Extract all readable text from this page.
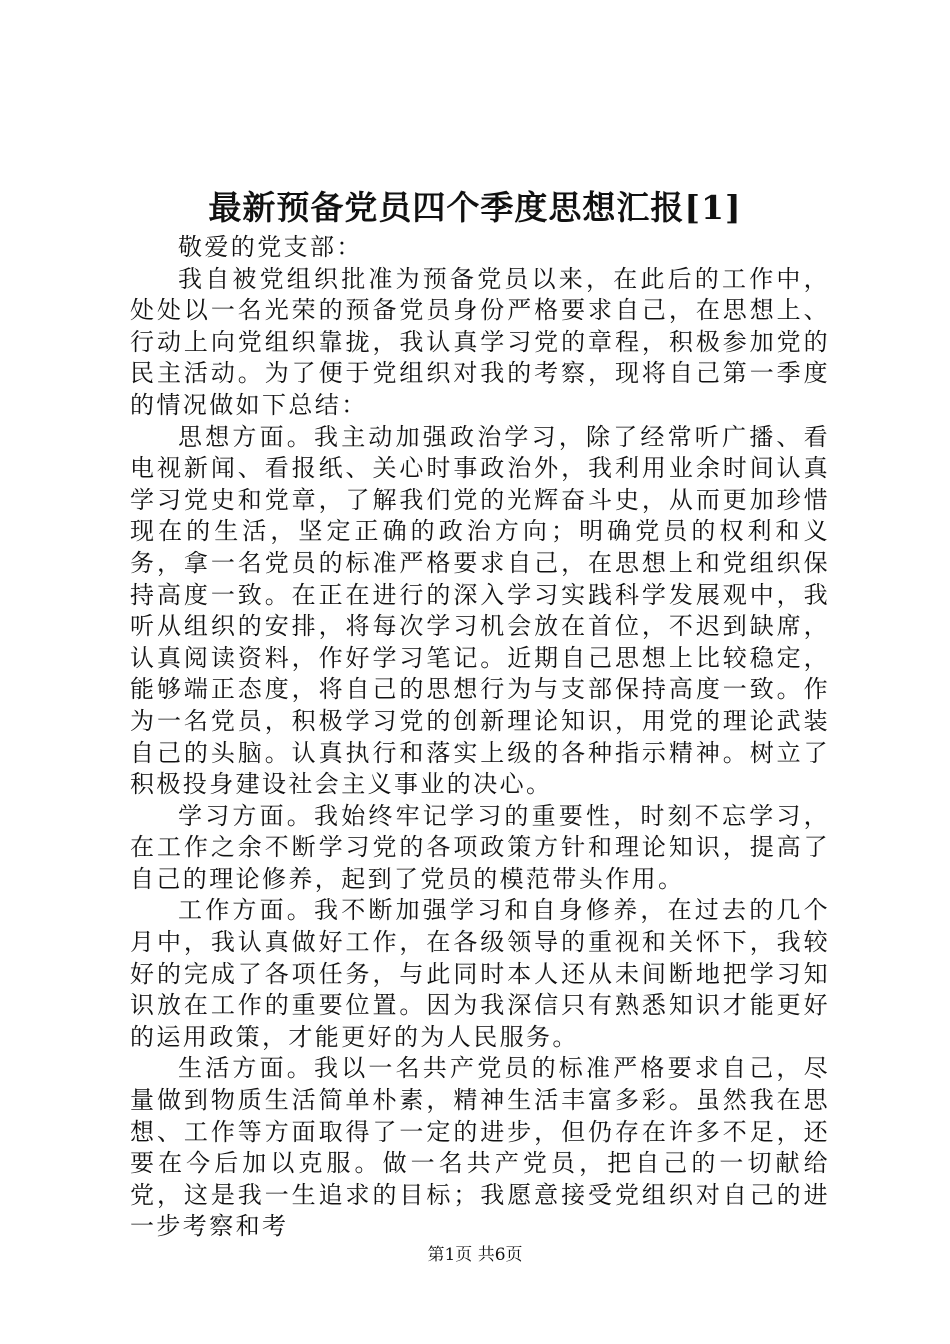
最新预备党员四个季度思想汇报[1]

敬爱的党支部：

我自被党组织批准为预备党员以来，在此后的工作中，处处以一名光荣的预备党员身份严格要求自己，在思想上、行动上向党组织靠拢，我认真学习党的章程，积极参加党的民主活动。为了便于党组织对我的考察，现将自己第一季度的情况做如下总结：

思想方面。我主动加强政治学习，除了经常听广播、看电视新闻、看报纸、关心时事政治外，我利用业余时间认真学习党史和党章，了解我们党的光辉奋斗史，从而更加珍惜现在的生活，坚定正确的政治方向；明确党员的权利和义务，拿一名党员的标准严格要求自己，在思想上和党组织保持高度一致。在正在进行的深入学习实践科学发展观中，我听从组织的安排，将每次学习机会放在首位，不迟到缺席，认真阅读资料，作好学习笔记。近期自己思想上比较稳定，能够端正态度，将自己的思想行为与支部保持高度一致。作为一名党员，积极学习党的创新理论知识，用党的理论武装自己的头脑。认真执行和落实上级的各种指示精神。树立了积极投身建设社会主义事业的决心。

学习方面。我始终牢记学习的重要性，时刻不忘学习，在工作之余不断学习党的各项政策方针和理论知识，提高了自己的理论修养，起到了党员的模范带头作用。

工作方面。我不断加强学习和自身修养，在过去的几个月中，我认真做好工作，在各级领导的重视和关怀下，我较好的完成了各项任务，与此同时本人还从未间断地把学习知识放在工作的重要位置。因为我深信只有熟悉知识才能更好的运用政策，才能更好的为人民服务。

生活方面。我以一名共产党员的标准严格要求自己，尽量做到物质生活简单朴素，精神生活丰富多彩。虽然我在思想、工作等方面取得了一定的进步，但仍存在许多不足，还要在今后加以克服。做一名共产党员，把自己的一切献给党，这是我一生追求的目标；我愿意接受党组织对自己的进一步考察和考

第1页 共6页
